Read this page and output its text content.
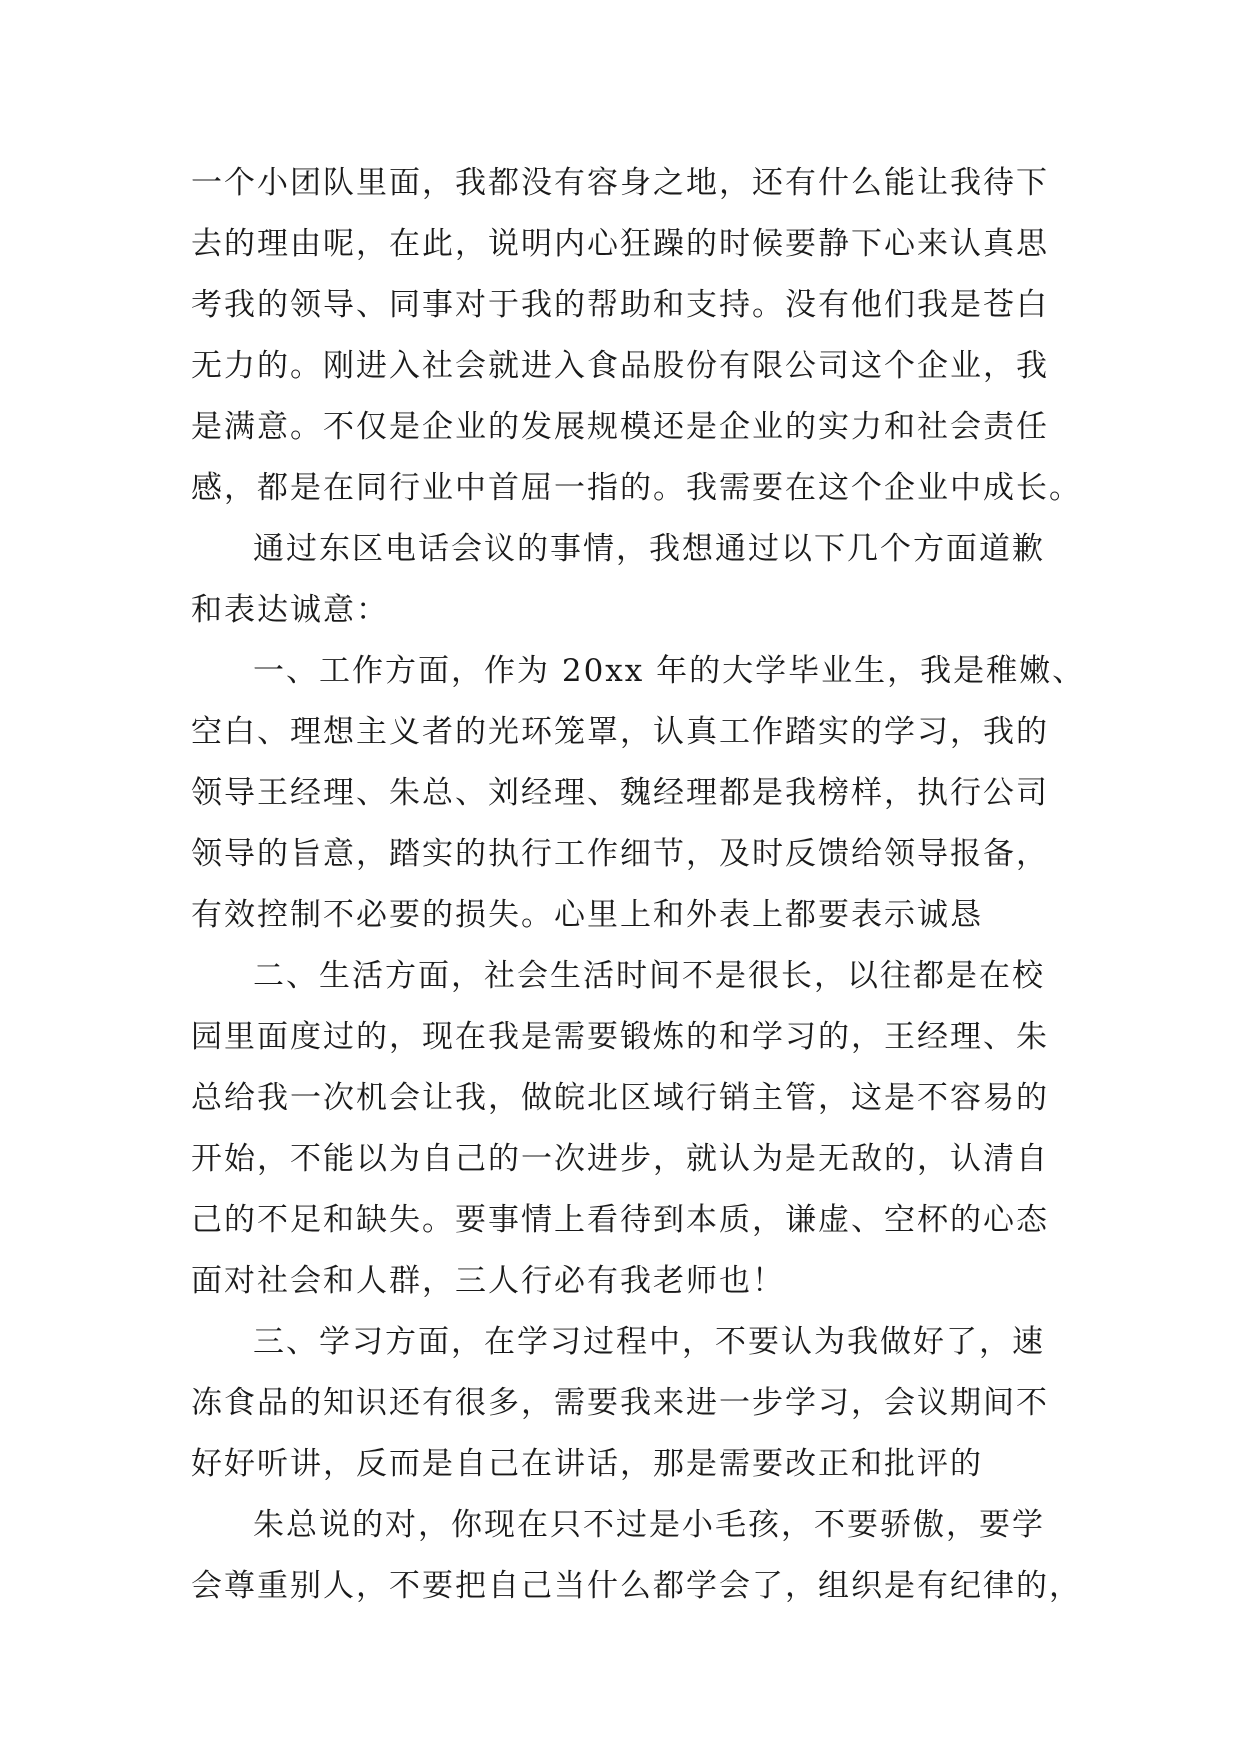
一个小团队里面，我都没有容身之地，还有什么能让我待下
去的理由呢，在此，说明内心狂躁的时候要静下心来认真思
考我的领导、同事对于我的帮助和支持。没有他们我是苍白
无力的。刚进入社会就进入食品股份有限公司这个企业，我
是满意。不仅是企业的发展规模还是企业的实力和社会责任
感，都是在同行业中首屈一指的。我需要在这个企业中成长。
通过东区电话会议的事情，我想通过以下几个方面道歉
和表达诚意：
一、工作方面，作为 20xx 年的大学毕业生，我是稚嫩、
空白、理想主义者的光环笼罩，认真工作踏实的学习，我的
领导王经理、朱总、刘经理、魏经理都是我榜样，执行公司
领导的旨意，踏实的执行工作细节，及时反馈给领导报备，
有效控制不必要的损失。心里上和外表上都要表示诚恳
二、生活方面，社会生活时间不是很长，以往都是在校
园里面度过的，现在我是需要锻炼的和学习的，王经理、朱
总给我一次机会让我，做皖北区域行销主管，这是不容易的
开始，不能以为自己的一次进步，就认为是无敌的，认清自
己的不足和缺失。要事情上看待到本质，谦虚、空杯的心态
面对社会和人群，三人行必有我老师也！
三、学习方面，在学习过程中，不要认为我做好了，速
冻食品的知识还有很多，需要我来进一步学习，会议期间不
好好听讲，反而是自己在讲话，那是需要改正和批评的
朱总说的对，你现在只不过是小毛孩，不要骄傲，要学
会尊重别人，不要把自己当什么都学会了，组织是有纪律的，
